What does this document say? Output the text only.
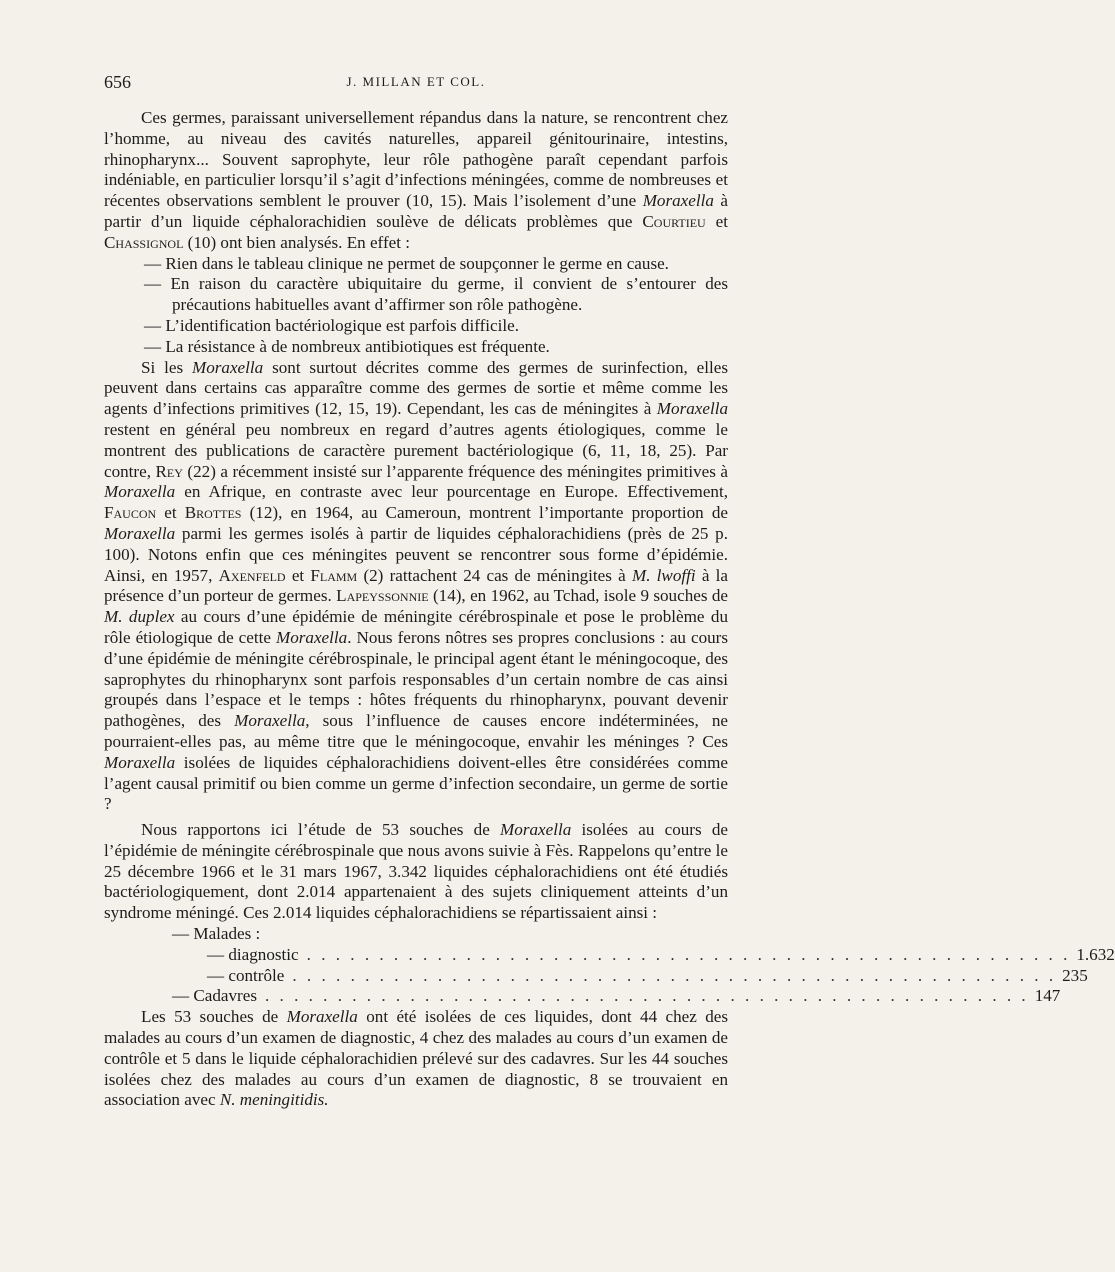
656	J. MILLAN ET COL.

Ces germes, paraissant universellement répandus dans la nature, se rencontrent chez l’homme, au niveau des cavités naturelles, appareil génitourinaire, intestins, rhinopharynx... Souvent saprophyte, leur rôle pathogène paraît cependant parfois indéniable, en particulier lorsqu’il s’agit d’infections méningées, comme de nombreuses et récentes observations semblent le prouver (10, 15). Mais l’isolement d’une Moraxella à partir d’un liquide céphalorachidien soulève de délicats problèmes que Courtieu et Chassignol (10) ont bien analysés. En effet :

— Rien dans le tableau clinique ne permet de soupçonner le germe en cause.

— En raison du caractère ubiquitaire du germe, il convient de s’entourer des précautions habituelles avant d’affirmer son rôle pathogène.

— L’identification bactériologique est parfois difficile.

— La résistance à de nombreux antibiotiques est fréquente.

Si les Moraxella sont surtout décrites comme des germes de surinfection, elles peuvent dans certains cas apparaître comme des germes de sortie et même comme les agents d’infections primitives (12, 15, 19). Cependant, les cas de méningites à Moraxella restent en général peu nombreux en regard d’autres agents étiologiques, comme le montrent des publications de caractère purement bactériologique (6, 11, 18, 25). Par contre, Rey (22) a récemment insisté sur l’apparente fréquence des méningites primitives à Moraxella en Afrique, en contraste avec leur pourcentage en Europe. Effectivement, Faucon et Brottes (12), en 1964, au Cameroun, montrent l’importante proportion de Moraxella parmi les germes isolés à partir de liquides céphalorachidiens (près de 25 p. 100). Notons enfin que ces méningites peuvent se rencontrer sous forme d’épidémie. Ainsi, en 1957, Axenfeld et Flamm (2) rattachent 24 cas de méningites à M. lwoffi à la présence d’un porteur de germes. Lapeyssonnie (14), en 1962, au Tchad, isole 9 souches de M. duplex au cours d’une épidémie de méningite cérébrospinale et pose le problème du rôle étiologique de cette Moraxella. Nous ferons nôtres ses propres conclusions : au cours d’une épidémie de méningite cérébrospinale, le principal agent étant le méningocoque, des saprophytes du rhinopharynx sont parfois responsables d’un certain nombre de cas ainsi groupés dans l’espace et le temps : hôtes fréquents du rhinopharynx, pouvant devenir pathogènes, des Moraxella, sous l’influence de causes encore indéterminées, ne pourraient-elles pas, au même titre que le méningocoque, envahir les méninges ? Ces Moraxella isolées de liquides céphalorachidiens doivent-elles être considérées comme l’agent causal primitif ou bien comme un germe d’infection secondaire, un germe de sortie ?

Nous rapportons ici l’étude de 53 souches de Moraxella isolées au cours de l’épidémie de méningite cérébrospinale que nous avons suivie à Fès. Rappelons qu’entre le 25 décembre 1966 et le 31 mars 1967, 3.342 liquides céphalorachidiens ont été étudiés bactériologiquement, dont 2.014 appartenaient à des sujets cliniquement atteints d’un syndrome méningé. Ces 2.014 liquides céphalorachidiens se répartissaient ainsi :

— Malades :
— diagnostic . . . . . . . . . . . . . . . . . . . . . . . . . . . . . . . . . . . . . . . . . . . . . . . . . . . . . 1.632
— contrôle . . . . . . . . . . . . . . . . . . . . . . . . . . . . . . . . . . . . . . . . . . . . . . . . . . . . . 235
— Cadavres . . . . . . . . . . . . . . . . . . . . . . . . . . . . . . . . . . . . . . . . . . . . . . . . . . . . . 147

Les 53 souches de Moraxella ont été isolées de ces liquides, dont 44 chez des malades au cours d’un examen de diagnostic, 4 chez des malades au cours d’un examen de contrôle et 5 dans le liquide céphalorachidien prélevé sur des cadavres. Sur les 44 souches isolées chez des malades au cours d’un examen de diagnostic, 8 se trouvaient en association avec N. meningitidis.
